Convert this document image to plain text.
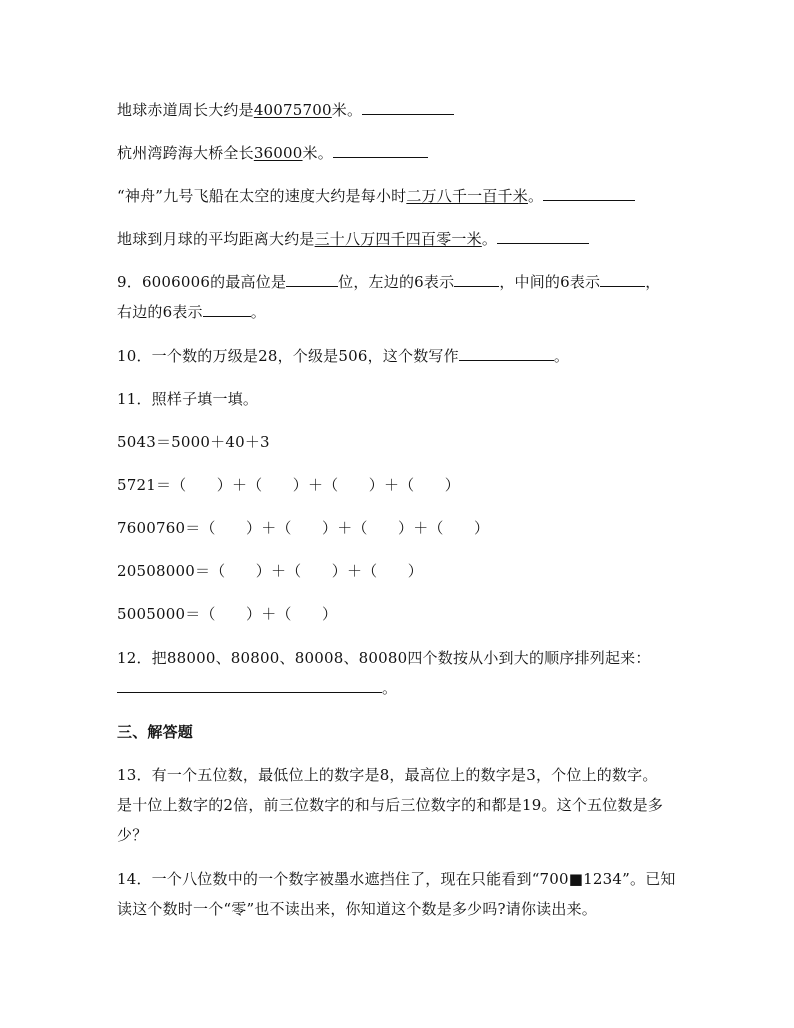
地球赤道周长大约是40075700米。
杭州湾跨海大桥全长36000米。
“神舟”九号飞船在太空的速度大约是每小时二万八千一百千米。
地球到月球的平均距离大约是三十八万四千四百零一米。
9．6006006的最高位是	位，左边的6表示	，中间的6表示	，
右边的6表示	。
10．一个数的万级是28，个级是506，这个数写作	。
11．照样子填一填。
5043＝5000＋40＋3
5721＝（　　）＋（　　）＋（　　）＋（　　）
7600760＝（　　）＋（　　）＋（　　）＋（　　）
20508000＝（　　）＋（　　）＋（　　）
5005000＝（　　）＋（　　）
12．把88000、80800、80008、80080四个数按从小到大的顺序排列起来：
。
三、解答题
13．有一个五位数，最低位上的数字是8，最高位上的数字是3，个位上的数字。
是十位上数字的2倍，前三位数字的和与后三位数字的和都是19。这个五位数是多
少？
14．一个八位数中的一个数字被墨水遮挡住了，现在只能看到“700■1234”。已知
读这个数时一个“零”也不读出来，你知道这个数是多少吗?请你读出来。
